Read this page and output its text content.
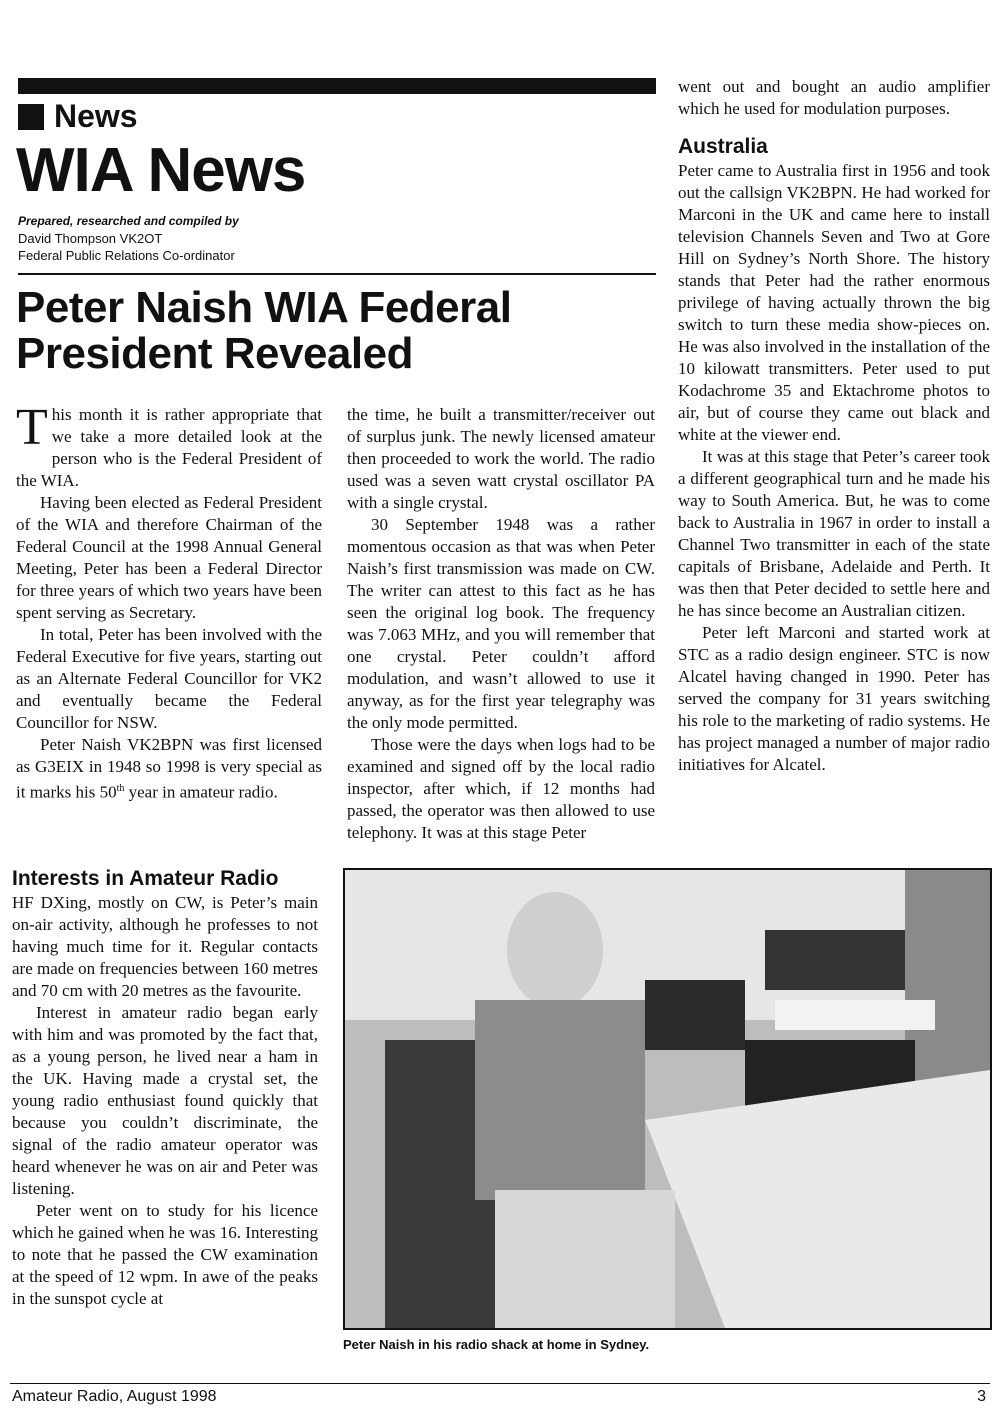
News
WIA News
Prepared, researched and compiled by
David Thompson VK2OT
Federal Public Relations Co-ordinator
Peter Naish WIA Federal President Revealed

This month it is rather appropriate that we take a more detailed look at the person who is the Federal President of the WIA.

Having been elected as Federal President of the WIA and therefore Chairman of the Federal Council at the 1998 Annual General Meeting, Peter has been a Federal Director for three years of which two years have been spent serving as Secretary.

In total, Peter has been involved with the Federal Executive for five years, starting out as an Alternate Federal Councillor for VK2 and eventually became the Federal Councillor for NSW.

Peter Naish VK2BPN was first licensed as G3EIX in 1948 so 1998 is very special as it marks his 50th year in amateur radio.

the time, he built a transmitter/receiver out of surplus junk. The newly licensed amateur then proceeded to work the world. The radio used was a seven watt crystal oscillator PA with a single crystal.

30 September 1948 was a rather momentous occasion as that was when Peter Naish’s first transmission was made on CW. The writer can attest to this fact as he has seen the original log book. The frequency was 7.063 MHz, and you will remember that one crystal. Peter couldn’t afford modulation, and wasn’t allowed to use it anyway, as for the first year telegraphy was the only mode permitted.

Those were the days when logs had to be examined and signed off by the local radio inspector, after which, if 12 months had passed, the operator was then allowed to use telephony. It was at this stage Peter

went out and bought an audio amplifier which he used for modulation purposes.

Australia

Peter came to Australia first in 1956 and took out the callsign VK2BPN. He had worked for Marconi in the UK and came here to install television Channels Seven and Two at Gore Hill on Sydney’s North Shore. The history stands that Peter had the rather enormous privilege of having actually thrown the big switch to turn these media show-pieces on. He was also involved in the installation of the 10 kilowatt transmitters. Peter used to put Kodachrome 35 and Ektachrome photos to air, but of course they came out black and white at the viewer end.

It was at this stage that Peter’s career took a different geographical turn and he made his way to South America. But, he was to come back to Australia in 1967 in order to install a Channel Two transmitter in each of the state capitals of Brisbane, Adelaide and Perth. It was then that Peter decided to settle here and he has since become an Australian citizen.

Peter left Marconi and started work at STC as a radio design engineer. STC is now Alcatel having changed in 1990. Peter has served the company for 31 years switching his role to the marketing of radio systems. He has project managed a number of major radio initiatives for Alcatel.

Interests in Amateur Radio

HF DXing, mostly on CW, is Peter’s main on-air activity, although he professes to not having much time for it. Regular contacts are made on frequencies between 160 metres and 70 cm with 20 metres as the favourite.

Interest in amateur radio began early with him and was promoted by the fact that, as a young person, he lived near a ham in the UK. Having made a crystal set, the young radio enthusiast found quickly that because you couldn’t discriminate, the signal of the radio amateur operator was heard whenever he was on air and Peter was listening.

Peter went on to study for his licence which he gained when he was 16. Interesting to note that he passed the CW examination at the speed of 12 wpm. In awe of the peaks in the sunspot cycle at

Peter Naish in his radio shack at home in Sydney.
Amateur Radio, August 1998	3
